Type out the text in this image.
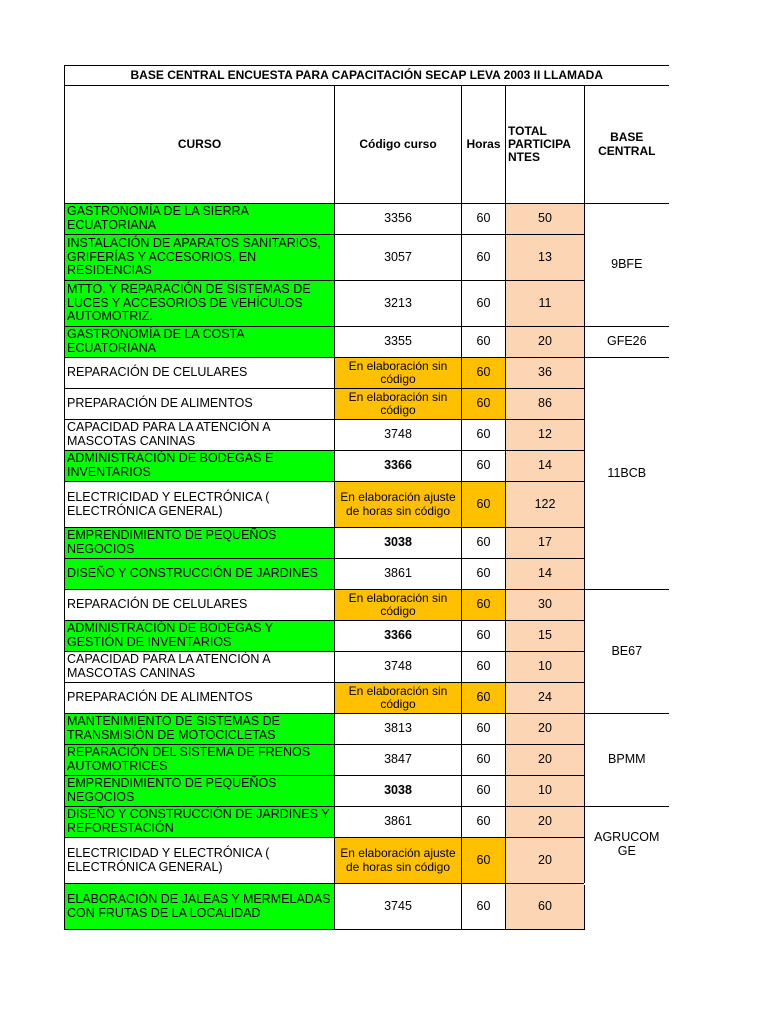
BASE CENTRAL ENCUESTA PARA CAPACITACIÓN SECAP LEVA 2003 II LLAMADA				
CURSO	Código curso	Horas	TOTAL PARTICIPA NTES	BASE CENTRAL
GASTRONOMÍA DE LA SIERRA ECUATORIANA	3356	60	50	9BFE
INSTALACIÓN DE APARATOS SANITARIOS, GRIFERÍAS Y ACCESORIOS, EN RESIDENCIAS	3057	60	13	
MTTO. Y REPARACIÓN DE SISTEMAS DE LUCES Y ACCESORIOS DE VEHÍCULOS AUTOMOTRIZ.	3213	60	11	
GASTRONOMÍA DE LA COSTA ECUATORIANA	3355	60	20	GFE26
REPARACIÓN DE CELULARES	En elaboración sin código	60	36	11BCB
PREPARACIÓN DE ALIMENTOS	En elaboración sin código	60	86	
CAPACIDAD PARA LA ATENCIÓN A MASCOTAS CANINAS	3748	60	12	
ADMINISTRACIÓN DE BODEGAS E INVENTARIOS	3366	60	14	
ELECTRICIDAD Y ELECTRÓNICA ( ELECTRÓNICA GENERAL)	En elaboración ajuste de horas sin código	60	122	
EMPRENDIMIENTO DE PEQUEÑOS NEGOCIOS	3038	60	17	
DISEÑO Y CONSTRUCCIÓN DE JARDINES	3861	60	14	
REPARACIÓN DE CELULARES	En elaboración sin código	60	30	BE67
ADMINISTRACIÓN DE BODEGAS Y GESTIÓN DE INVENTARIOS	3366	60	15	
CAPACIDAD PARA LA ATENCIÓN A MASCOTAS CANINAS	3748	60	10	
PREPARACIÓN DE ALIMENTOS	En elaboración sin código	60	24	
MANTENIMIENTO DE SISTEMAS DE TRANSMISIÓN DE MOTOCICLETAS	3813	60	20	BPMM
REPARACIÓN DEL SISTEMA DE FRENOS AUTOMOTRICES	3847	60	20	
EMPRENDIMIENTO DE PEQUEÑOS NEGOCIOS	3038	60	10	
DISEÑO Y CONSTRUCCIÓN DE JARDINES Y REFORESTACIÓN	3861	60	20	AGRUCOM GE
ELECTRICIDAD Y ELECTRÓNICA ( ELECTRÓNICA GENERAL)	En elaboración ajuste de horas sin código	60	20	
ELABORACIÓN DE JALEAS Y MERMELADAS CON FRUTAS DE LA LOCALIDAD	3745	60	60	
